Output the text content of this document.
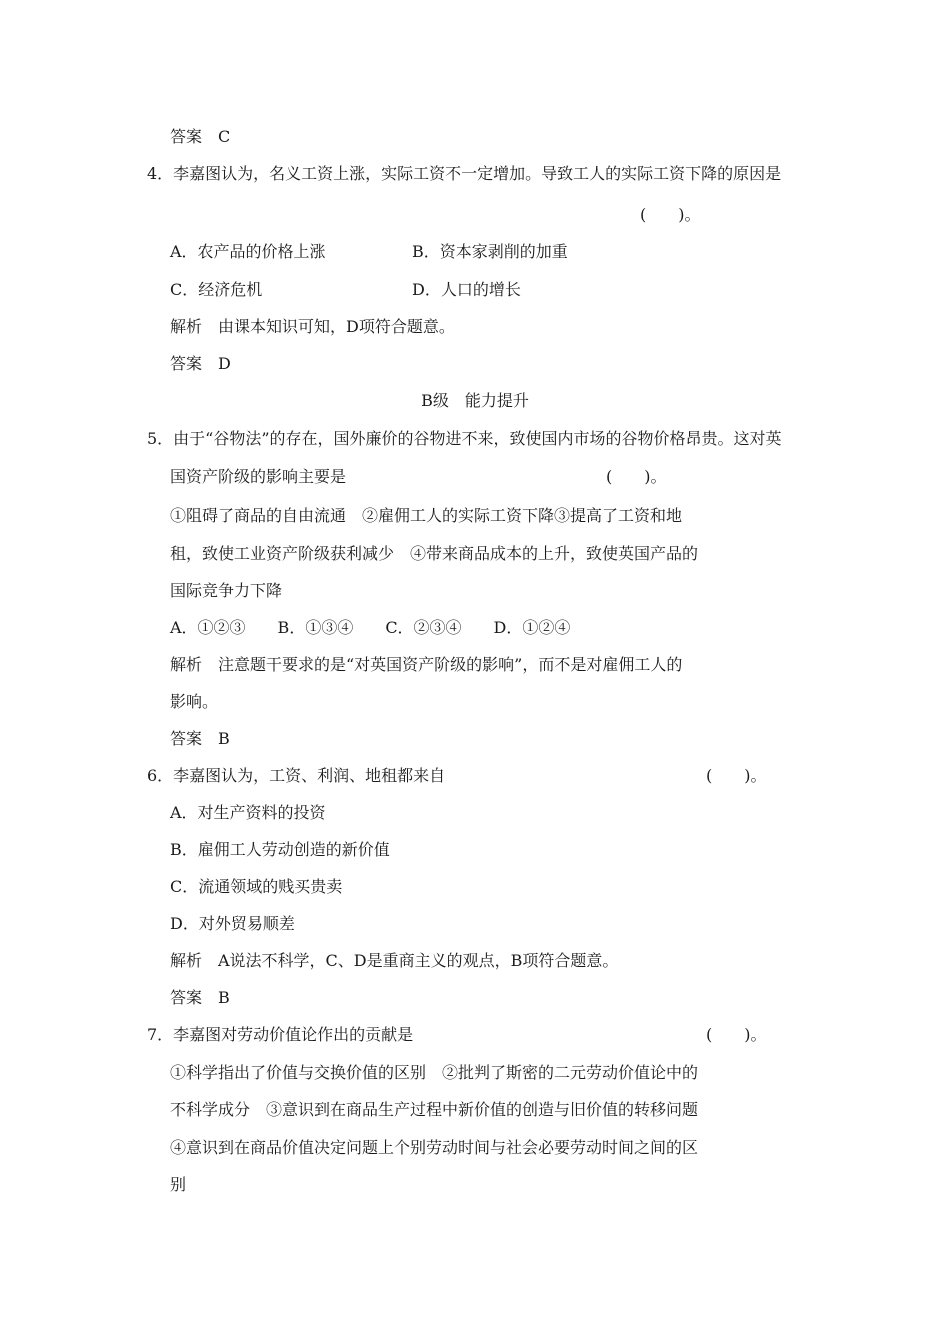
答案　C
4．李嘉图认为，名义工资上涨，实际工资不一定增加。导致工人的实际工资下降的原因是
(　　)。
A．农产品的价格上涨	B．资本家剥削的加重
C．经济危机	D．人口的增长
解析　由课本知识可知，D项符合题意。
答案　D
B级　能力提升
5．由于“谷物法”的存在，国外廉价的谷物进不来，致使国内市场的谷物价格昂贵。这对英
国资产阶级的影响主要是	(　　)。
①阻碍了商品的自由流通　②雇佣工人的实际工资下降③提高了工资和地
租，致使工业资产阶级获利减少　④带来商品成本的上升，致使英国产品的
国际竞争力下降
A．①②③　　B．①③④　　C．②③④　　D．①②④
解析　注意题干要求的是“对英国资产阶级的影响”，而不是对雇佣工人的
影响。
答案　B
6．李嘉图认为，工资、利润、地租都来自	(　　)。
A．对生产资料的投资
B．雇佣工人劳动创造的新价值
C．流通领域的贱买贵卖
D．对外贸易顺差
解析　A说法不科学，C、D是重商主义的观点，B项符合题意。
答案　B
7．李嘉图对劳动价值论作出的贡献是	(　　)。
①科学指出了价值与交换价值的区别　②批判了斯密的二元劳动价值论中的
不科学成分　③意识到在商品生产过程中新价值的创造与旧价值的转移问题
④意识到在商品价值决定问题上个别劳动时间与社会必要劳动时间之间的区
别
